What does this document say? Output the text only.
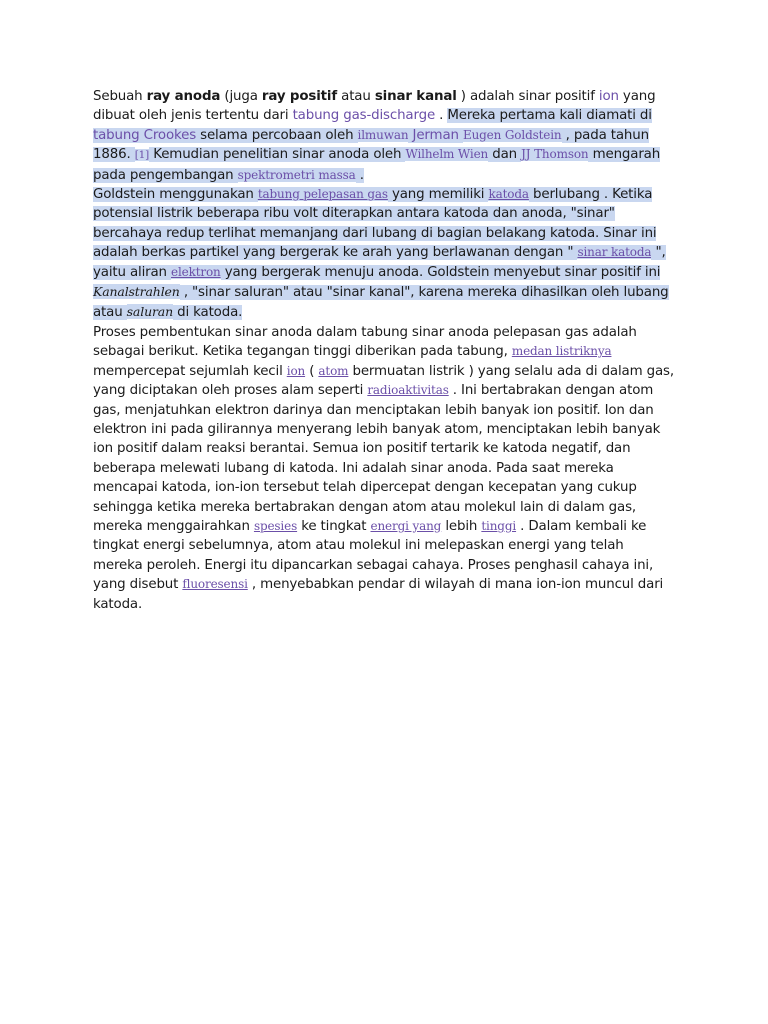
Sebuah ray anoda (juga ray positif atau sinar kanal ) adalah sinar positif ion yang dibuat oleh jenis tertentu dari tabung gas-discharge . Mereka pertama kali diamati di tabung Crookes selama percobaan oleh ilmuwan Jerman Eugen Goldstein , pada tahun 1886. [1] Kemudian penelitian sinar anoda oleh Wilhelm Wien dan JJ Thomson mengarah pada pengembangan spektrometri massa .

Goldstein menggunakan tabung pelepasan gas yang memiliki katoda berlubang . Ketika potensial listrik beberapa ribu volt diterapkan antara katoda dan anoda, "sinar" bercahaya redup terlihat memanjang dari lubang di bagian belakang katoda. Sinar ini adalah berkas partikel yang bergerak ke arah yang berlawanan dengan " sinar katoda ", yaitu aliran elektron yang bergerak menuju anoda. Goldstein menyebut sinar positif ini Kanalstrahlen , "sinar saluran" atau "sinar kanal", karena mereka dihasilkan oleh lubang atau saluran di katoda.

Proses pembentukan sinar anoda dalam tabung sinar anoda pelepasan gas adalah sebagai berikut. Ketika tegangan tinggi diberikan pada tabung, medan listriknya mempercepat sejumlah kecil ion ( atom bermuatan listrik ) yang selalu ada di dalam gas, yang diciptakan oleh proses alam seperti radioaktivitas . Ini bertabrakan dengan atom gas, menjatuhkan elektron darinya dan menciptakan lebih banyak ion positif. Ion dan elektron ini pada gilirannya menyerang lebih banyak atom, menciptakan lebih banyak ion positif dalam reaksi berantai. Semua ion positif tertarik ke katoda negatif, dan beberapa melewati lubang di katoda. Ini adalah sinar anoda. Pada saat mereka mencapai katoda, ion-ion tersebut telah dipercepat dengan kecepatan yang cukup sehingga ketika mereka bertabrakan dengan atom atau molekul lain di dalam gas, mereka menggairahkan spesies ke tingkat energi yang lebih tinggi . Dalam kembali ke tingkat energi sebelumnya, atom atau molekul ini melepaskan energi yang telah mereka peroleh. Energi itu dipancarkan sebagai cahaya. Proses penghasil cahaya ini, yang disebut fluoresensi , menyebabkan pendar di wilayah di mana ion-ion muncul dari katoda.
